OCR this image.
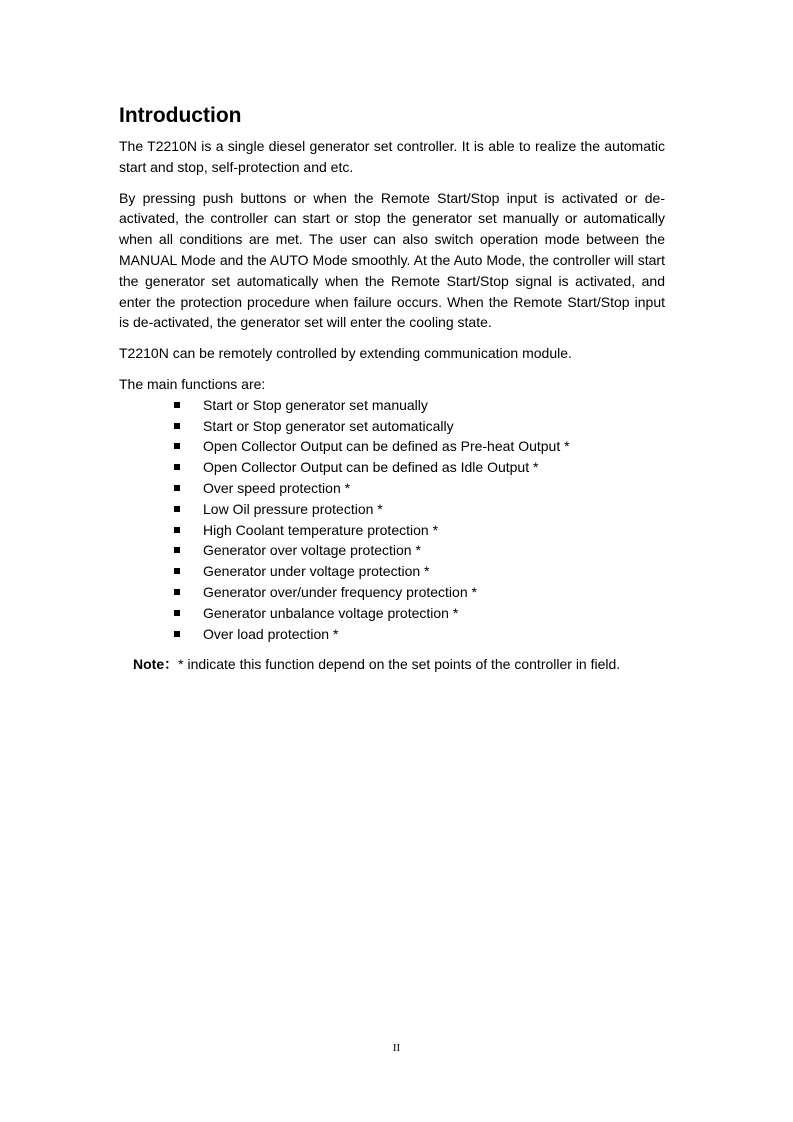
Introduction

The T2210N is a single diesel generator set controller. It is able to realize the automatic start and stop, self-protection and etc.

By pressing push buttons or when the Remote Start/Stop input is activated or de-activated, the controller can start or stop the generator set manually or automatically when all conditions are met. The user can also switch operation mode between the MANUAL Mode and the AUTO Mode smoothly. At the Auto Mode, the controller will start the generator set automatically when the Remote Start/Stop signal is activated, and enter the protection procedure when failure occurs. When the Remote Start/Stop input is de-activated, the generator set will enter the cooling state.

T2210N can be remotely controlled by extending communication module.

The main functions are:

Start or Stop generator set manually
Start or Stop generator set automatically
Open Collector Output can be defined as Pre-heat Output *
Open Collector Output can be defined as Idle Output *
Over speed protection *
Low Oil pressure protection *
High Coolant temperature protection *
Generator over voltage protection *
Generator under voltage protection *
Generator over/under frequency protection *
Generator unbalance voltage protection *
Over load protection *
Note：* indicate this function depend on the set points of the controller in field.
II
